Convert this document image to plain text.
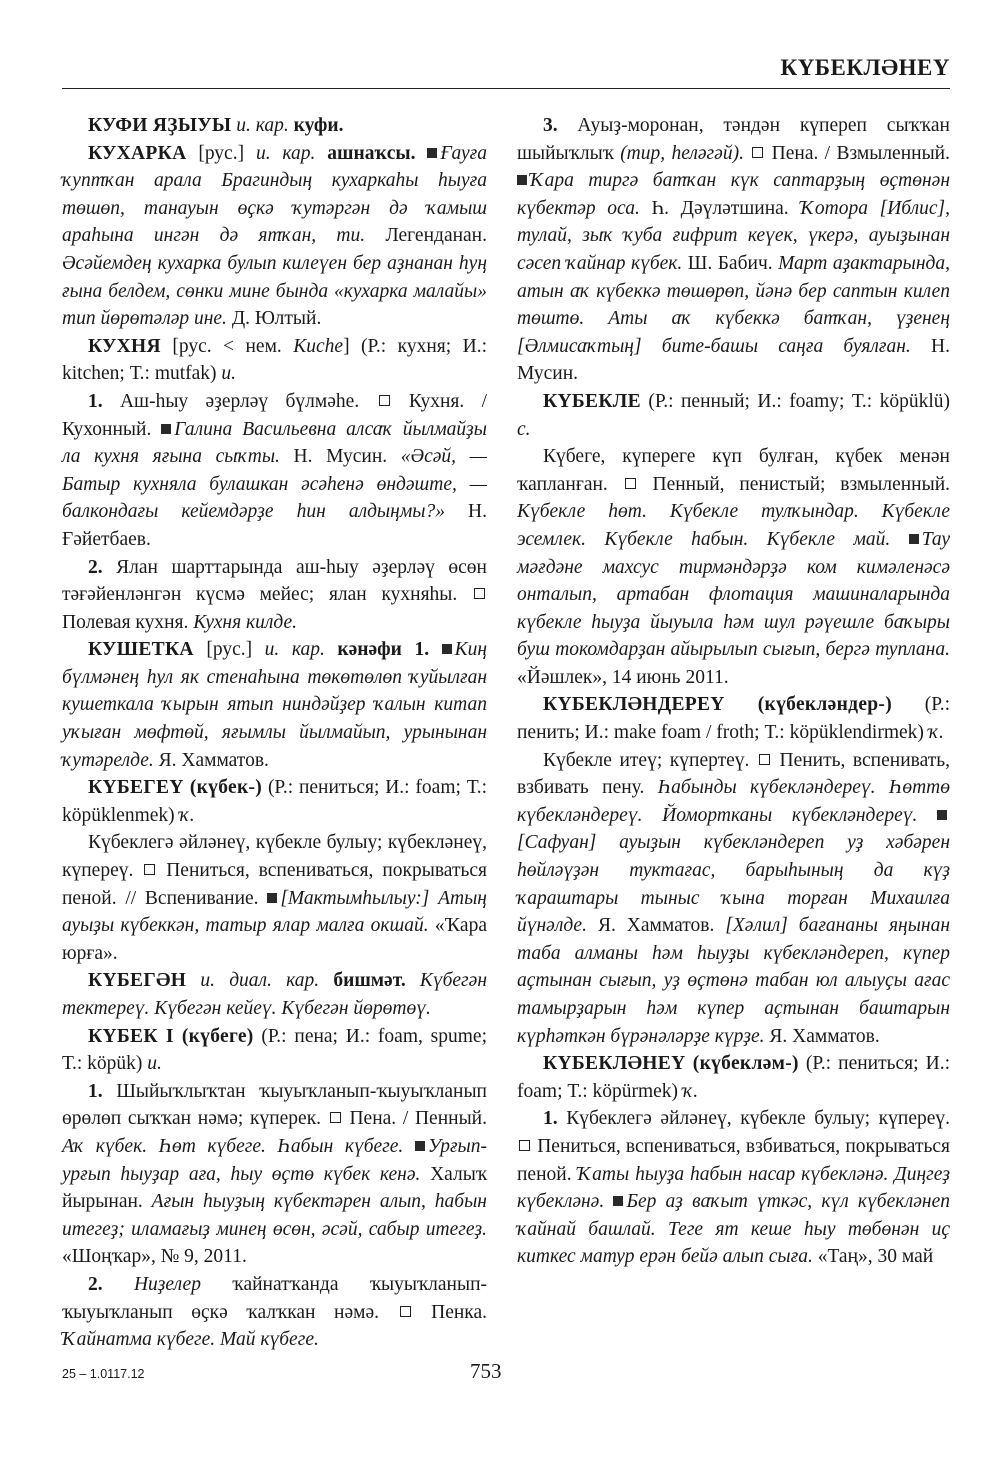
КҮБЕКЛӘНЕҮ

КУФИ ЯҘЫУЫ и. кар. куфи.

КУХАРКА [рус.] и. кар. ашнаҡсы. Ғауға ҡуптҡан арала Брагиндың кухаркаһы һыуға төшөп, танауын өҫкә ҡутәргән дә ҡамыш араһына ингән дә ятҡан, ти. Легенданан. Әсәйемдең кухарка булып килеүен бер аҙнанан һуң ғына белдем, сөнки мине бында «кухарка малайы» тип йөрөтәләр ине. Д. Юлтый.

КУХНЯ [рус. < нем. Kuche] (Р.: кухня; И.: kitchen; Т.: mutfak) и.

1. Аш-һыу әҙерләү бүлмәһе.  Кухня. / Кухонный. Галина Васильевна алсаҡ йылмайҙы ла кухня яғына сыҡты. Н. Мусин. «Әсәй, — Батыр кухняла булашкан әсәһенә өндәште, — балкондағы кейемдәрҙе һин алдыңмы?» Н. Ғәйетбаев.

2. Ялан шарттарында аш-һыу әҙерләү өсөн тәғәйенләнгән күсмә мейес; ялан кухняһы.  Полевая кухня. Кухня килде.

КУШЕТКА [рус.] и. кар. кәнәфи 1. Киң бүлмәнең һул як стенаһына төкөтөлөп ҡуйылған кушеткала ҡырын ятып ниндәйҙер ҡалын китап уҡыған мөфтөй, яғымлы йылмайып, урынынан ҡутәрелде. Я. Хамматов.

КҮБЕГЕҮ (күбек-) (Р.: пениться; И.: foam; Т.: köpüklenmek) ҡ.

Күбеклегә әйләнеү, күбекле булыу; күбекләнеү, күпереү.  Пениться, вспениваться, покрываться пеной. // Вспенивание. [Мактымһылыу:] Атың ауыҙы күбеккән, татыр ялар малға окшай. «Ҡара юрға».

КҮБЕГӘН и. диал. кар. бишмәт. Күбегән тектереү. Күбегән кейеү. Күбегән йөрөтөү.

КҮБЕК I (күбеге) (Р.: пена; И.: foam, spume; Т.: köpük) и.

1. Шыйыҡлыҡтан ҡыуыҡланып-ҡыуыҡланып өрөлөп сыҡҡан нәмә; күперек.  Пена. / Пенный. Аҡ күбек. Һөт күбеге. Һабын күбеге. Урғып-урғып һыуҙар аға, һыу өҫтө күбек кенә. Халыҡ йырынан. Ағын һыуҙың күбектәрен алып, һабын итегеҙ; иламағыҙ минең өсөн, әсәй, сабыр итегеҙ. «Шоңҡар», № 9, 2011.

2. Ниҙелер ҡайнатҡанда ҡыуыҡланып-ҡыуыҡланып өҫкә ҡалҡкан нәмә.  Пенка. Ҡайнатма күбеге. Май күбеге.

3. Ауыҙ-моронан, тәндән күпереп сыҡҡан шыйыҡлыҡ (тир, һеләгәй).  Пена. / Взмыленный. Ҡара тиргә батҡан күк саптарҙың өҫтөнән күбектәр оса. Һ. Дәүләтшина. Ҡотора [Иблис], тулай, зыҡ ҡуба ғифрит кеүек, үкерә, ауыҙынан сәсеп ҡайнар күбек. Ш. Бабич. Март аҙактарында, атын аҡ күбеккә төшөрөп, йәнә бер саптын килеп төштө. Аты аҡ күбеккә батҡан, үҙенең [Әлмисаҡтың] бите-башы саңға буялған. Н. Мусин.

КҮБЕКЛЕ (Р.: пенный; И.: foamy; Т.: köpüklü) с.

Күбеге, күпереге күп булған, күбек менән ҡапланған.  Пенный, пенистый; взмыленный. Күбекле һөт. Күбекле тулҡындар. Күбекле эсемлек. Күбекле һабын. Күбекле май. Тау мәғдәне махсус тирмәндәрҙә ком кимәленәсә онталып, артабан флотация машиналарында күбекле һыуҙа йыуыла һәм шул рәүешле баҡыры буш токомдарҙан айырылып сығып, бергә туплана. «Йәшлек», 14 июнь 2011.

КҮБЕКЛӘНДЕРЕҮ (күбекләндер-) (Р.: пенить; И.: make foam / froth; Т.: köpüklendirmek) ҡ.

Күбекле итеү; күпертеү.  Пенить, вспенивать, взбивать пену. Һабынды күбекләндереү. Һөттө күбекләндереү. Йомортканы күбекләндереү. [Сафуан] ауыҙын күбекләндереп уҙ хәбәрен һөйләүҙән туктағас, барыһының да күҙ ҡараштары тыныс ҡына торған Михаилға йүнәлде. Я. Хамматов. [Хәлил] бағананы яңынан таба алманы һәм һыуҙы күбекләндереп, күпер аҫтынан сығып, уҙ өҫтөнә табан юл алыуҫы ағас тамырҙарын һәм күпер аҫтынан баштарын күрһәткән бүрәнәләрҙе күрҙе. Я. Хамматов.

КҮБЕКЛӘНЕҮ (күбекләм-) (Р.: пениться; И.: foam; Т.: köpürmek) ҡ.

1. Күбеклегә әйләнеү, күбекле булыу; күпереү.  Пениться, вспениваться, взбиваться, покрываться пеной. Ҡаты һыуҙа һабын насар күбекләнә. Диңгеҙ күбекләнә. Бер аҙ ваҡыт үткәс, күл күбекләнеп ҡайнай башлай. Теге ят кеше һыу төбөнән иҫ киткес матур ерән бейә алып сыға. «Таң», 30 май

25 – 1.0117.12	753
